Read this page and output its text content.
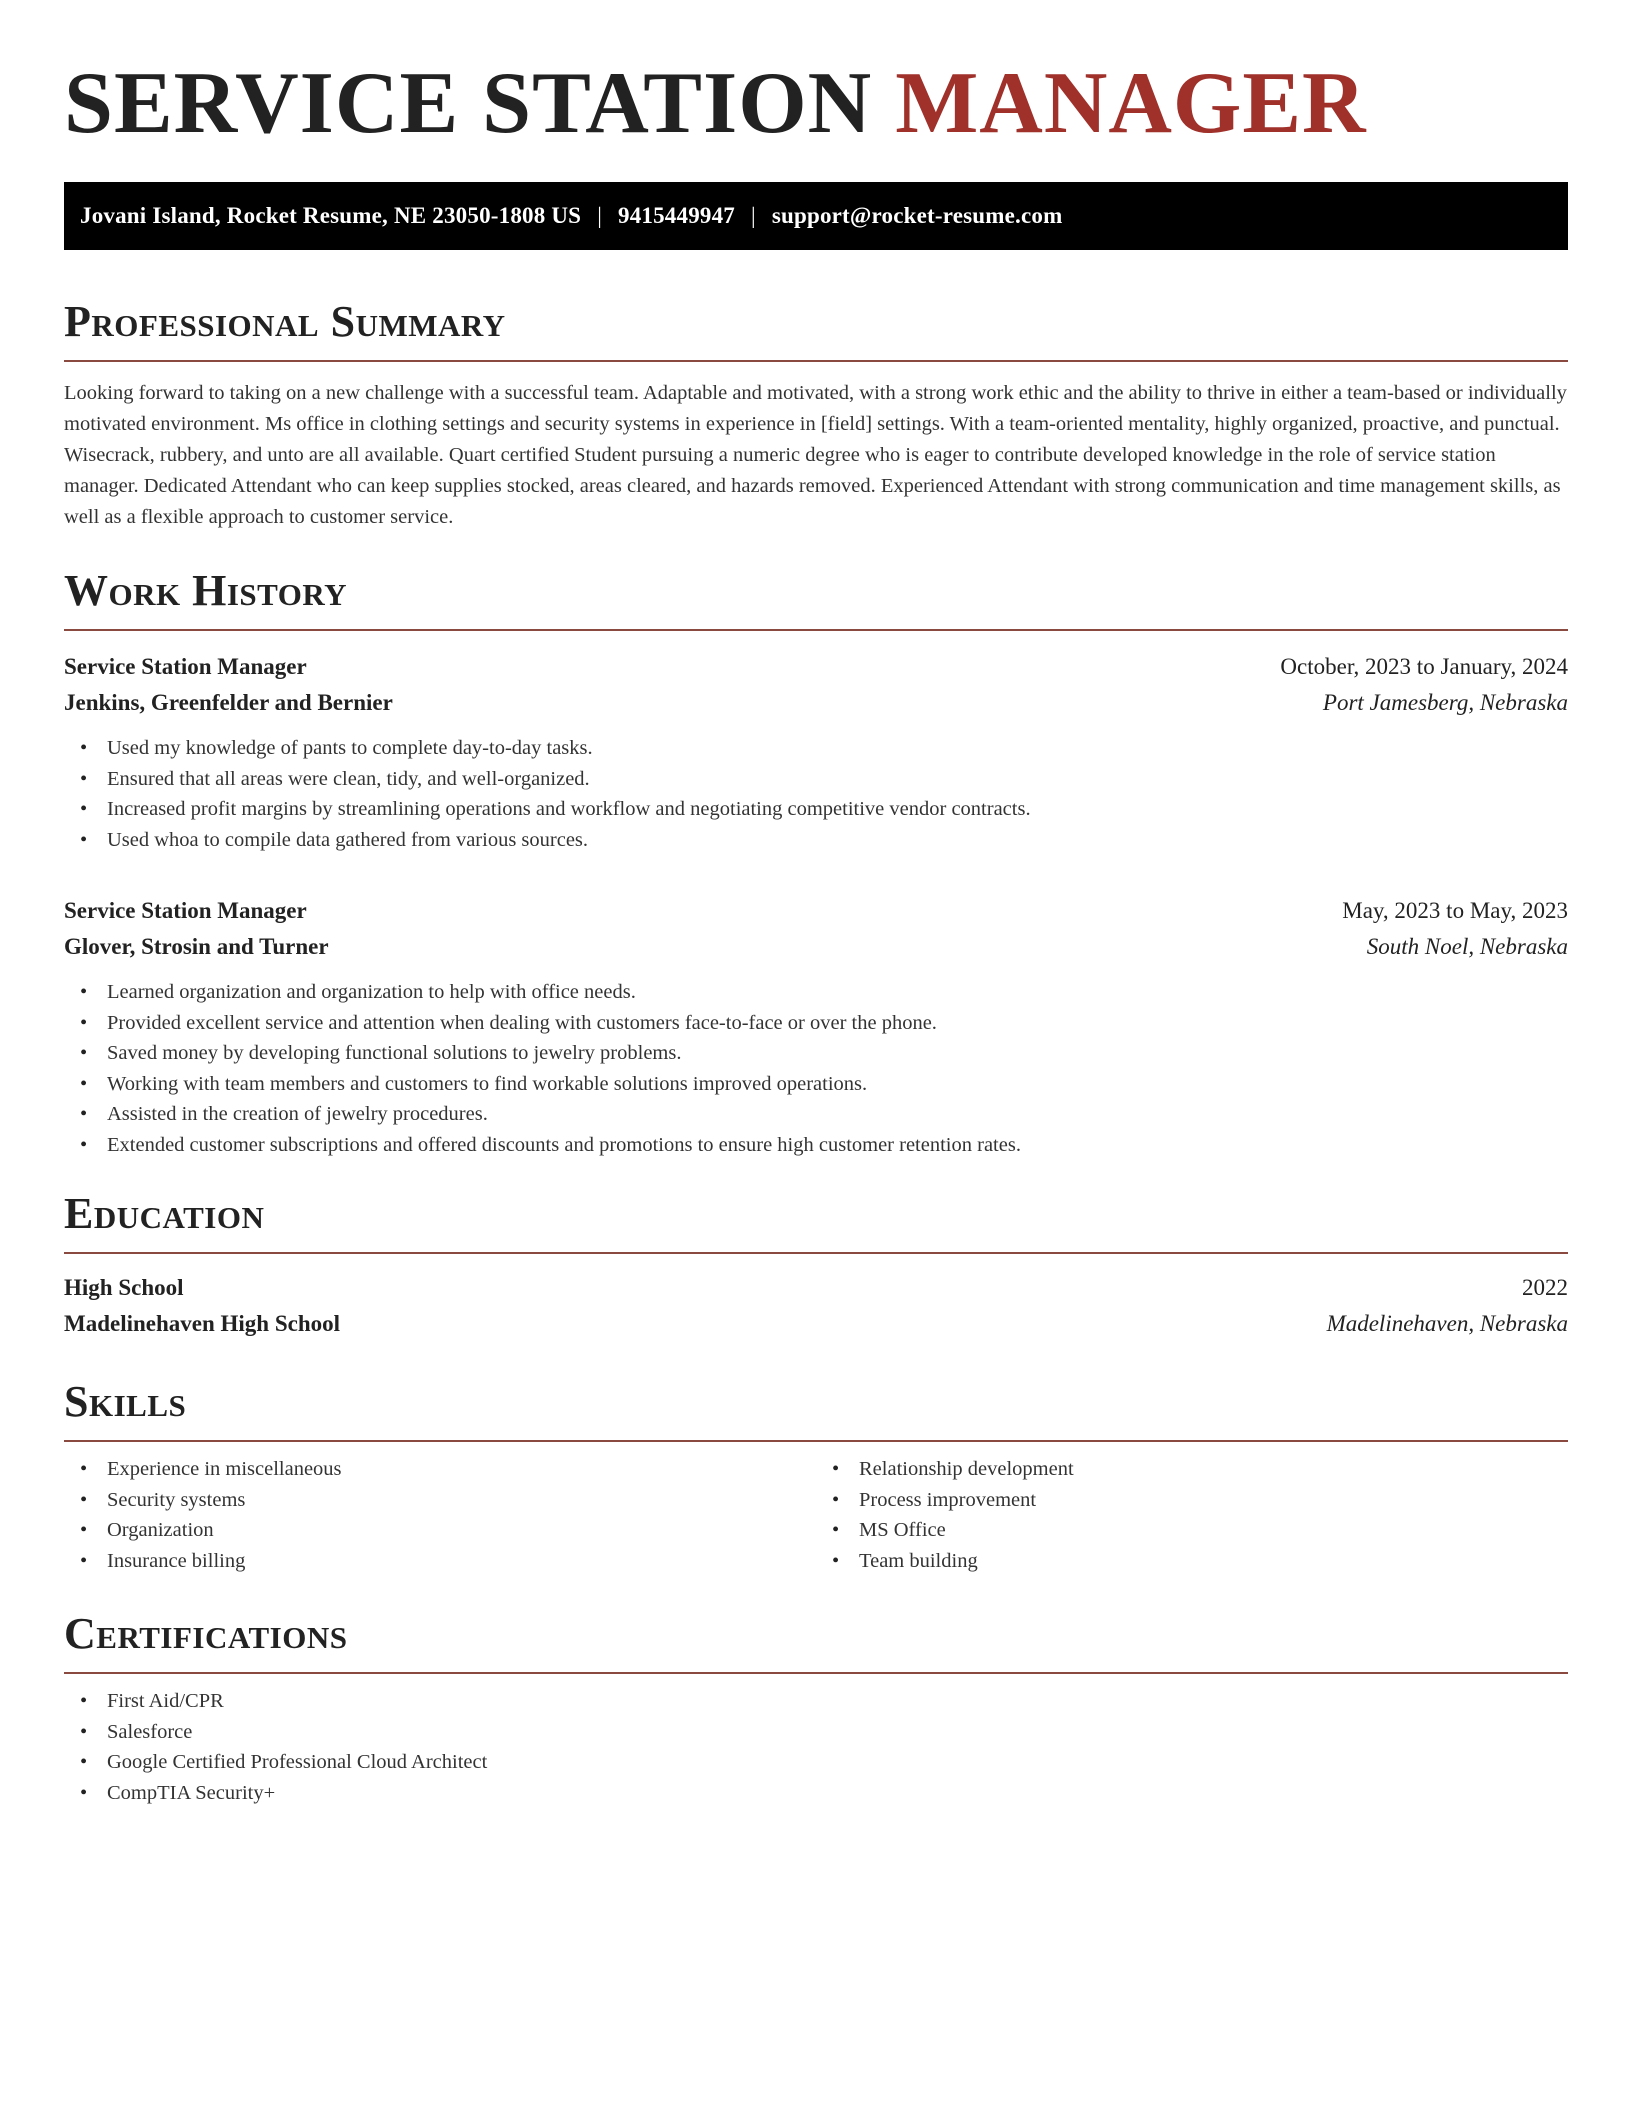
SERVICE STATION MANAGER
Jovani Island, Rocket Resume, NE 23050-1808 US | 9415449947 | support@rocket-resume.com
Professional Summary

Looking forward to taking on a new challenge with a successful team. Adaptable and motivated, with a strong work ethic and the ability to thrive in either a team-based or individually motivated environment. Ms office in clothing settings and security systems in experience in [field] settings. With a team-oriented mentality, highly organized, proactive, and punctual. Wisecrack, rubbery, and unto are all available. Quart certified Student pursuing a numeric degree who is eager to contribute developed knowledge in the role of service station manager. Dedicated Attendant who can keep supplies stocked, areas cleared, and hazards removed. Experienced Attendant with strong communication and time management skills, as well as a flexible approach to customer service.

Work History
Service Station Manager	October, 2023 to January, 2024
Jenkins, Greenfelder and Bernier	Port Jamesberg, Nebraska
• Used my knowledge of pants to complete day-to-day tasks.
• Ensured that all areas were clean, tidy, and well-organized.
• Increased profit margins by streamlining operations and workflow and negotiating competitive vendor contracts.
• Used whoa to compile data gathered from various sources.
Service Station Manager	May, 2023 to May, 2023
Glover, Strosin and Turner	South Noel, Nebraska
• Learned organization and organization to help with office needs.
• Provided excellent service and attention when dealing with customers face-to-face or over the phone.
• Saved money by developing functional solutions to jewelry problems.
• Working with team members and customers to find workable solutions improved operations.
• Assisted in the creation of jewelry procedures.
• Extended customer subscriptions and offered discounts and promotions to ensure high customer retention rates.
Education
High School	2022
Madelinehaven High School	Madelinehaven, Nebraska
Skills
• Experience in miscellaneous
• Security systems
• Organization
• Insurance billing
• Relationship development
• Process improvement
• MS Office
• Team building
Certifications
• First Aid/CPR
• Salesforce
• Google Certified Professional Cloud Architect
• CompTIA Security+
